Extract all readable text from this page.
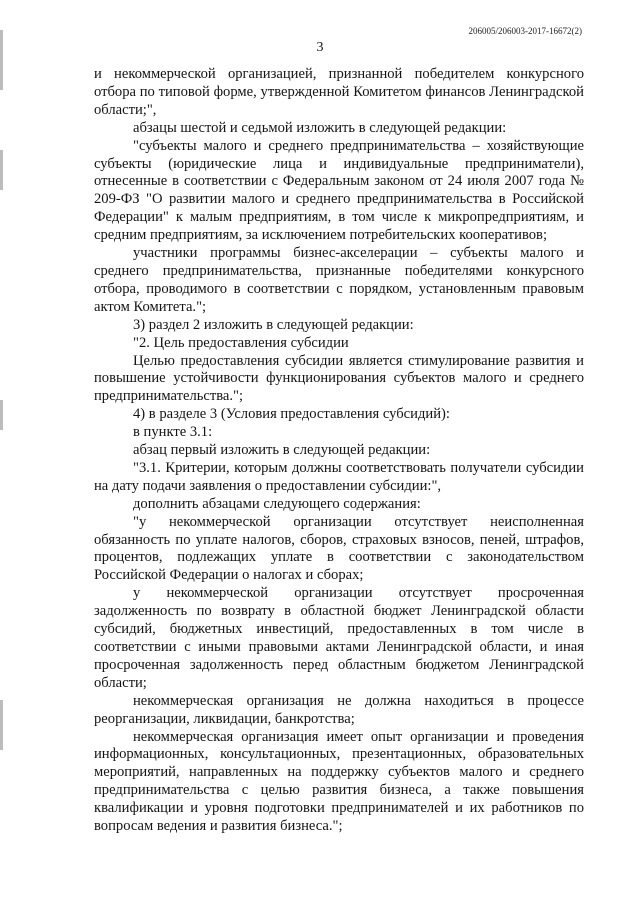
206005/206003-2017-16672(2)
3

и некоммерческой организацией, признанной победителем конкурсного отбора по типовой форме, утвержденной Комитетом финансов Ленинградской области;",

абзацы шестой и седьмой изложить в следующей редакции:

"субъекты малого и среднего предпринимательства – хозяйствующие субъекты (юридические лица и индивидуальные предприниматели), отнесенные в соответствии с Федеральным законом от 24 июля 2007 года № 209-ФЗ "О развитии малого и среднего предпринимательства в Российской Федерации" к малым предприятиям, в том числе к микропредприятиям, и средним предприятиям, за исключением потребительских кооперативов;

участники программы бизнес-акселерации – субъекты малого и среднего предпринимательства, признанные победителями конкурсного отбора, проводимого в соответствии с порядком, установленным правовым актом Комитета.";

3) раздел 2 изложить в следующей редакции:

"2. Цель предоставления субсидии

Целью предоставления субсидии является стимулирование развития и повышение устойчивости функционирования субъектов малого и среднего предпринимательства.";

4) в разделе 3 (Условия предоставления субсидий):

в пункте 3.1:

абзац первый изложить в следующей редакции:

"3.1. Критерии, которым должны соответствовать получатели субсидии на дату подачи заявления о предоставлении субсидии:",

дополнить абзацами следующего содержания:

"у некоммерческой организации отсутствует неисполненная обязанность по уплате налогов, сборов, страховых взносов, пеней, штрафов, процентов, подлежащих уплате в соответствии с законодательством Российской Федерации о налогах и сборах;

у некоммерческой организации отсутствует просроченная задолженность по возврату в областной бюджет Ленинградской области субсидий, бюджетных инвестиций, предоставленных в том числе в соответствии с иными правовыми актами Ленинградской области, и иная просроченная задолженность перед областным бюджетом Ленинградской области;

некоммерческая организация не должна находиться в процессе реорганизации, ликвидации, банкротства;

некоммерческая организация имеет опыт организации и проведения информационных, консультационных, презентационных, образовательных мероприятий, направленных на поддержку субъектов малого и среднего предпринимательства с целью развития бизнеса, а также повышения квалификации и уровня подготовки предпринимателей и их работников по вопросам ведения и развития бизнеса.";
